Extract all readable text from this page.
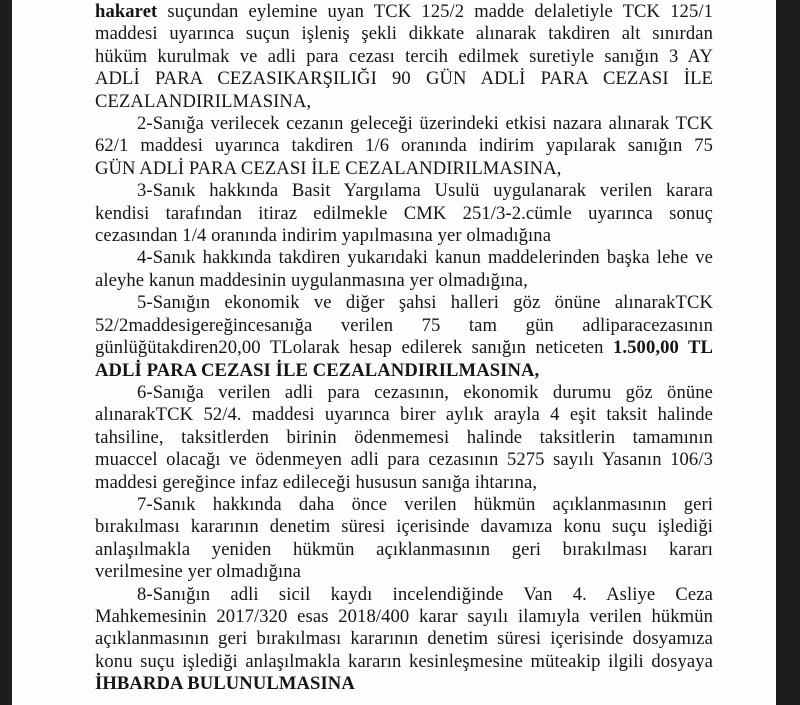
hakaret suçundan eylemine uyan TCK 125/2 madde delaletiyle TCK 125/1
maddesi uyarınca suçun işleniş şekli dikkate alınarak takdiren alt sınırdan
hüküm kurulmak ve adli para cezası tercih edilmek suretiyle sanığın 3 AY
ADLİ PARA CEZASIKARŞILIĞI 90 GÜN ADLİ PARA CEZASI İLE
CEZALANDIRILMASINA,

2-Sanığa verilecek cezanın geleceği üzerindeki etkisi nazara alınarak TCK
62/1 maddesi uyarınca takdiren 1/6 oranında indirim yapılarak sanığın 75
GÜN ADLİ PARA CEZASI İLE CEZALANDIRILMASINA,

3-Sanık hakkında Basit Yargılama Usulü uygulanarak verilen karara
kendisi tarafından itiraz edilmekle CMK 251/3-2.cümle uyarınca sonuç
cezasından 1/4 oranında indirim yapılmasına yer olmadığına

4-Sanık hakkında takdiren yukarıdaki kanun maddelerinden başka lehe ve
aleyhe kanun maddesinin uygulanmasına yer olmadığına,

5-Sanığın ekonomik ve diğer şahsi halleri göz önüne alınarakTCK
52/2maddesigereğincesanığa verilen 75 tam gün adliparacezasının
günlüğütakdiren20,00 TLolarak hesap edilerek sanığın neticeten 1.500,00 TL
ADLİ PARA CEZASI İLE CEZALANDIRILMASINA,

6-Sanığa verilen adli para cezasının, ekonomik durumu göz önüne
alınarakTCK 52/4. maddesi uyarınca birer aylık arayla 4 eşit taksit halinde
tahsiline, taksitlerden birinin ödenmemesi halinde taksitlerin tamamının
muaccel olacağı ve ödenmeyen adli para cezasının 5275 sayılı Yasanın 106/3
maddesi gereğince infaz edileceği hususun sanığa ihtarına,

7-Sanık hakkında daha önce verilen hükmün açıklanmasının geri
bırakılması kararının denetim süresi içerisinde davamıza konu suçu işlediği
anlaşılmakla yeniden hükmün açıklanmasının geri bırakılması kararı
verilmesine yer olmadığına

8-Sanığın adli sicil kaydı incelendiğinde Van 4. Asliye Ceza
Mahkemesinin 2017/320 esas 2018/400 karar sayılı ilamıyla verilen hükmün
açıklanmasının geri bırakılması kararının denetim süresi içerisinde dosyamıza
konu suçu işlediği anlaşılmakla kararın kesinleşmesine müteakip ilgili dosyaya
İHBARDA BULUNULMASINA
